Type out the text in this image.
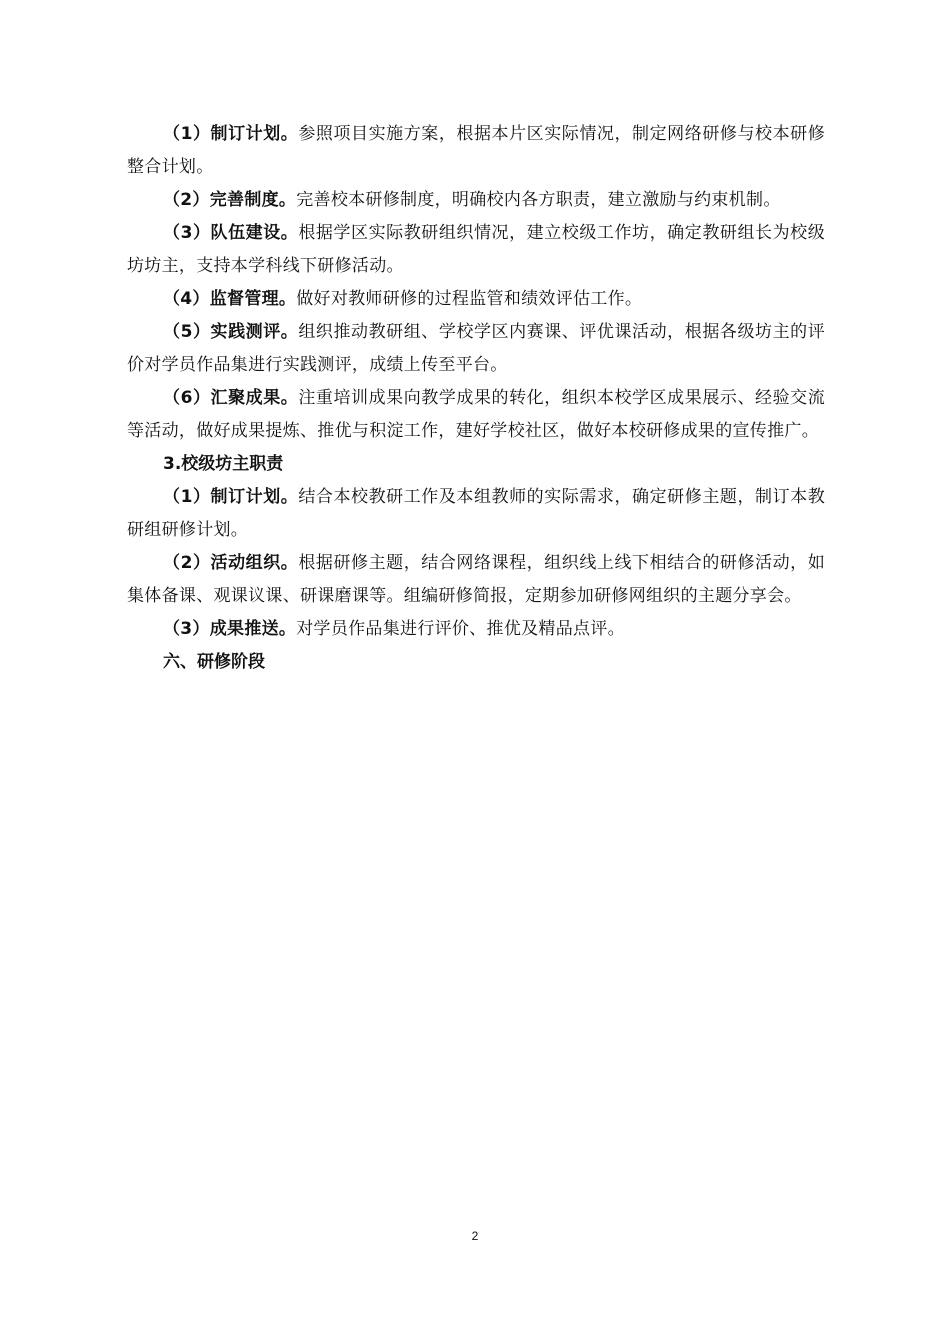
（1）制订计划。参照项目实施方案，根据本片区实际情况，制定网络研修与校本研修整合计划。

（2）完善制度。完善校本研修制度，明确校内各方职责，建立激励与约束机制。

（3）队伍建设。根据学区实际教研组织情况，建立校级工作坊，确定教研组长为校级坊坊主，支持本学科线下研修活动。

（4）监督管理。做好对教师研修的过程监管和绩效评估工作。

（5）实践测评。组织推动教研组、学校学区内赛课、评优课活动，根据各级坊主的评价对学员作品集进行实践测评，成绩上传至平台。

（6）汇聚成果。注重培训成果向教学成果的转化，组织本校学区成果展示、经验交流等活动，做好成果提炼、推优与积淀工作，建好学校社区，做好本校研修成果的宣传推广。

3.校级坊主职责

（1）制订计划。结合本校教研工作及本组教师的实际需求，确定研修主题，制订本教研组研修计划。

（2）活动组织。根据研修主题，结合网络课程，组织线上线下相结合的研修活动，如集体备课、观课议课、研课磨课等。组编研修简报，定期参加研修网组织的主题分享会。

（3）成果推送。对学员作品集进行评价、推优及精品点评。

六、研修阶段

2
